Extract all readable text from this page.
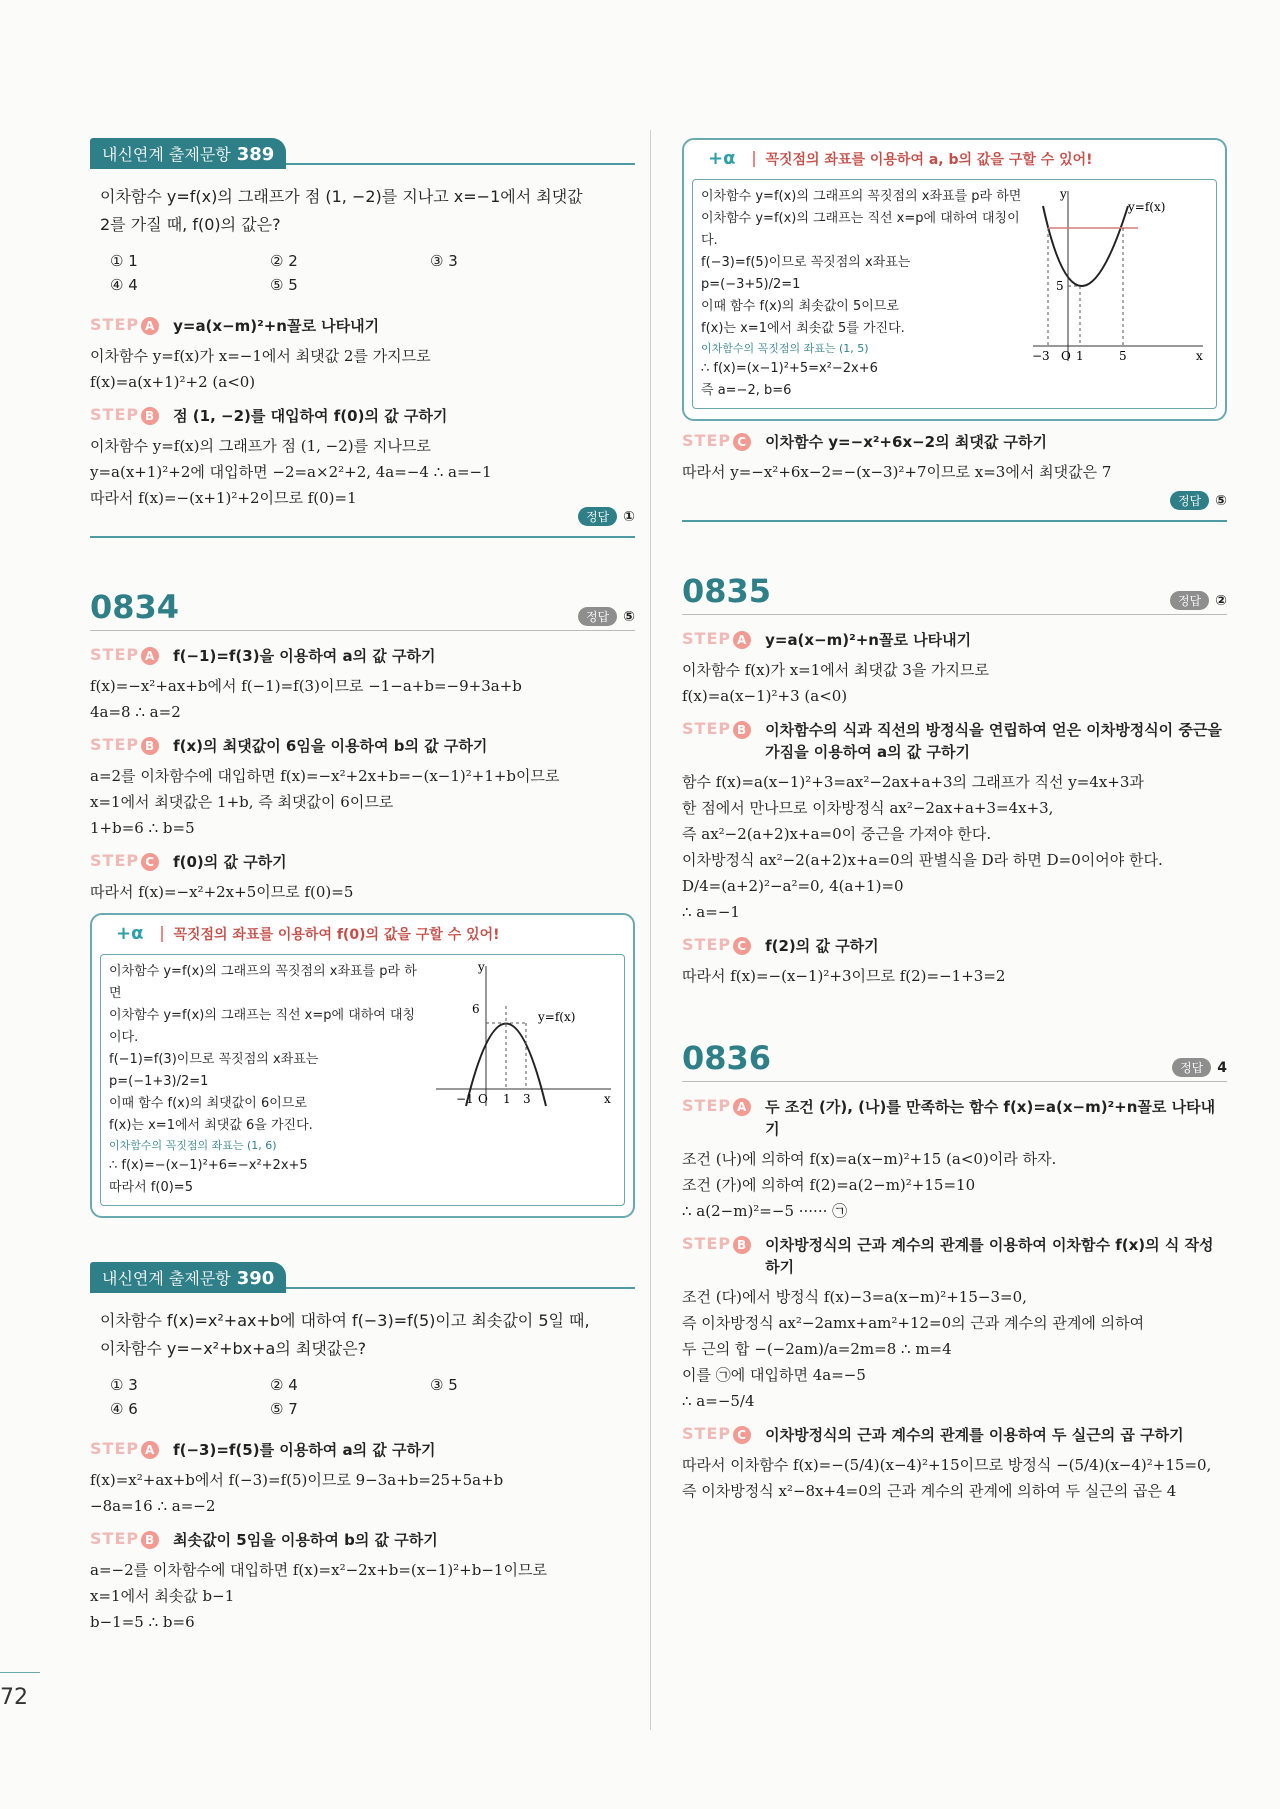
72
내신연계 출제문항 389

이차함수 y=f(x)의 그래프가 점 (1, −2)를 지나고 x=−1에서 최댓값

2를 가질 때, f(0)의 값은?

① 1	② 2	③ 3
④ 4	⑤ 5
STEP A y=a(x−m)²+n꼴로 나타내기

이차함수 y=f(x)가 x=−1에서 최댓값 2를 가지므로

f(x)=a(x+1)²+2 (a<0)

STEP B 점 (1, −2)를 대입하여 f(0)의 값 구하기

이차함수 y=f(x)의 그래프가 점 (1, −2)를 지나므로

y=a(x+1)²+2에 대입하면 −2=a×2²+2, 4a=−4 ∴ a=−1

따라서 f(x)=−(x+1)²+2이므로 f(0)=1

정답 ①
0834	정답 ⑤
STEP A f(−1)=f(3)을 이용하여 a의 값 구하기

f(x)=−x²+ax+b에서 f(−1)=f(3)이므로 −1−a+b=−9+3a+b

4a=8 ∴ a=2

STEP B f(x)의 최댓값이 6임을 이용하여 b의 값 구하기

a=2를 이차함수에 대입하면 f(x)=−x²+2x+b=−(x−1)²+1+b이므로

x=1에서 최댓값은 1+b, 즉 최댓값이 6이므로

1+b=6 ∴ b=5

STEP C f(0)의 값 구하기

따라서 f(x)=−x²+2x+5이므로 f(0)=5

+α 꼭짓점의 좌표를 이용하여 f(0)의 값을 구할 수 있어!

이차함수 y=f(x)의 그래프의 꼭짓점의 x좌표를 p라 하면

이차함수 y=f(x)의 그래프는 직선 x=p에 대하여 대칭이다.

f(−1)=f(3)이므로 꼭짓점의 x좌표는

p=(−1+3)/2=1

이때 함수 f(x)의 최댓값이 6이므로

f(x)는 x=1에서 최댓값 6을 가진다.

이차함수의 꼭짓점의 좌표는 (1, 6)

∴ f(x)=−(x−1)²+6=−x²+2x+5

따라서 f(0)=5

y=f(x)
y
x
6
−1 O 1 3
내신연계 출제문항 390

이차함수 f(x)=x²+ax+b에 대하여 f(−3)=f(5)이고 최솟값이 5일 때,

이차함수 y=−x²+bx+a의 최댓값은?

① 3	② 4	③ 5
④ 6	⑤ 7
STEP A f(−3)=f(5)를 이용하여 a의 값 구하기

f(x)=x²+ax+b에서 f(−3)=f(5)이므로 9−3a+b=25+5a+b

−8a=16 ∴ a=−2

STEP B 최솟값이 5임을 이용하여 b의 값 구하기

a=−2를 이차함수에 대입하면 f(x)=x²−2x+b=(x−1)²+b−1이므로

x=1에서 최솟값 b−1

b−1=5 ∴ b=6

+α 꼭짓점의 좌표를 이용하여 a, b의 값을 구할 수 있어!

이차함수 y=f(x)의 그래프의 꼭짓점의 x좌표를 p라 하면

이차함수 y=f(x)의 그래프는 직선 x=p에 대하여 대칭이다.

f(−3)=f(5)이므로 꼭짓점의 x좌표는

p=(−3+5)/2=1

이때 함수 f(x)의 최솟값이 5이므로

f(x)는 x=1에서 최솟값 5를 가진다.

이차함수의 꼭짓점의 좌표는 (1, 5)

∴ f(x)=(x−1)²+5=x²−2x+6

즉 a=−2, b=6

y=f(x)
y
x
5
−3 O 1	5
STEP C 이차함수 y=−x²+6x−2의 최댓값 구하기

따라서 y=−x²+6x−2=−(x−3)²+7이므로 x=3에서 최댓값은 7

정답 ⑤
0835	정답 ②
STEP A y=a(x−m)²+n꼴로 나타내기

이차함수 f(x)가 x=1에서 최댓값 3을 가지므로

f(x)=a(x−1)²+3 (a<0)

STEP B 이차함수의 식과 직선의 방정식을 연립하여 얻은 이차방정식이 중근을 가짐을 이용하여 a의 값 구하기

함수 f(x)=a(x−1)²+3=ax²−2ax+a+3의 그래프가 직선 y=4x+3과

한 점에서 만나므로 이차방정식 ax²−2ax+a+3=4x+3,

즉 ax²−2(a+2)x+a=0이 중근을 가져야 한다.

이차방정식 ax²−2(a+2)x+a=0의 판별식을 D라 하면 D=0이어야 한다.

D/4=(a+2)²−a²=0, 4(a+1)=0

∴ a=−1

STEP C f(2)의 값 구하기

따라서 f(x)=−(x−1)²+3이므로 f(2)=−1+3=2

0836	정답 4
STEP A 두 조건 (가), (나)를 만족하는 함수 f(x)=a(x−m)²+n꼴로 나타내기

조건 (나)에 의하여 f(x)=a(x−m)²+15 (a<0)이라 하자.

조건 (가)에 의하여 f(2)=a(2−m)²+15=10

∴ a(2−m)²=−5 ······ ㉠

STEP B 이차방정식의 근과 계수의 관계를 이용하여 이차함수 f(x)의 식 작성하기

조건 (다)에서 방정식 f(x)−3=a(x−m)²+15−3=0,

즉 이차방정식 ax²−2amx+am²+12=0의 근과 계수의 관계에 의하여

두 근의 합 −(−2am)/a=2m=8 ∴ m=4

이를 ㉠에 대입하면 4a=−5

∴ a=−5/4

STEP C 이차방정식의 근과 계수의 관계를 이용하여 두 실근의 곱 구하기

따라서 이차함수 f(x)=−(5/4)(x−4)²+15이므로 방정식 −(5/4)(x−4)²+15=0,

즉 이차방정식 x²−8x+4=0의 근과 계수의 관계에 의하여 두 실근의 곱은 4
